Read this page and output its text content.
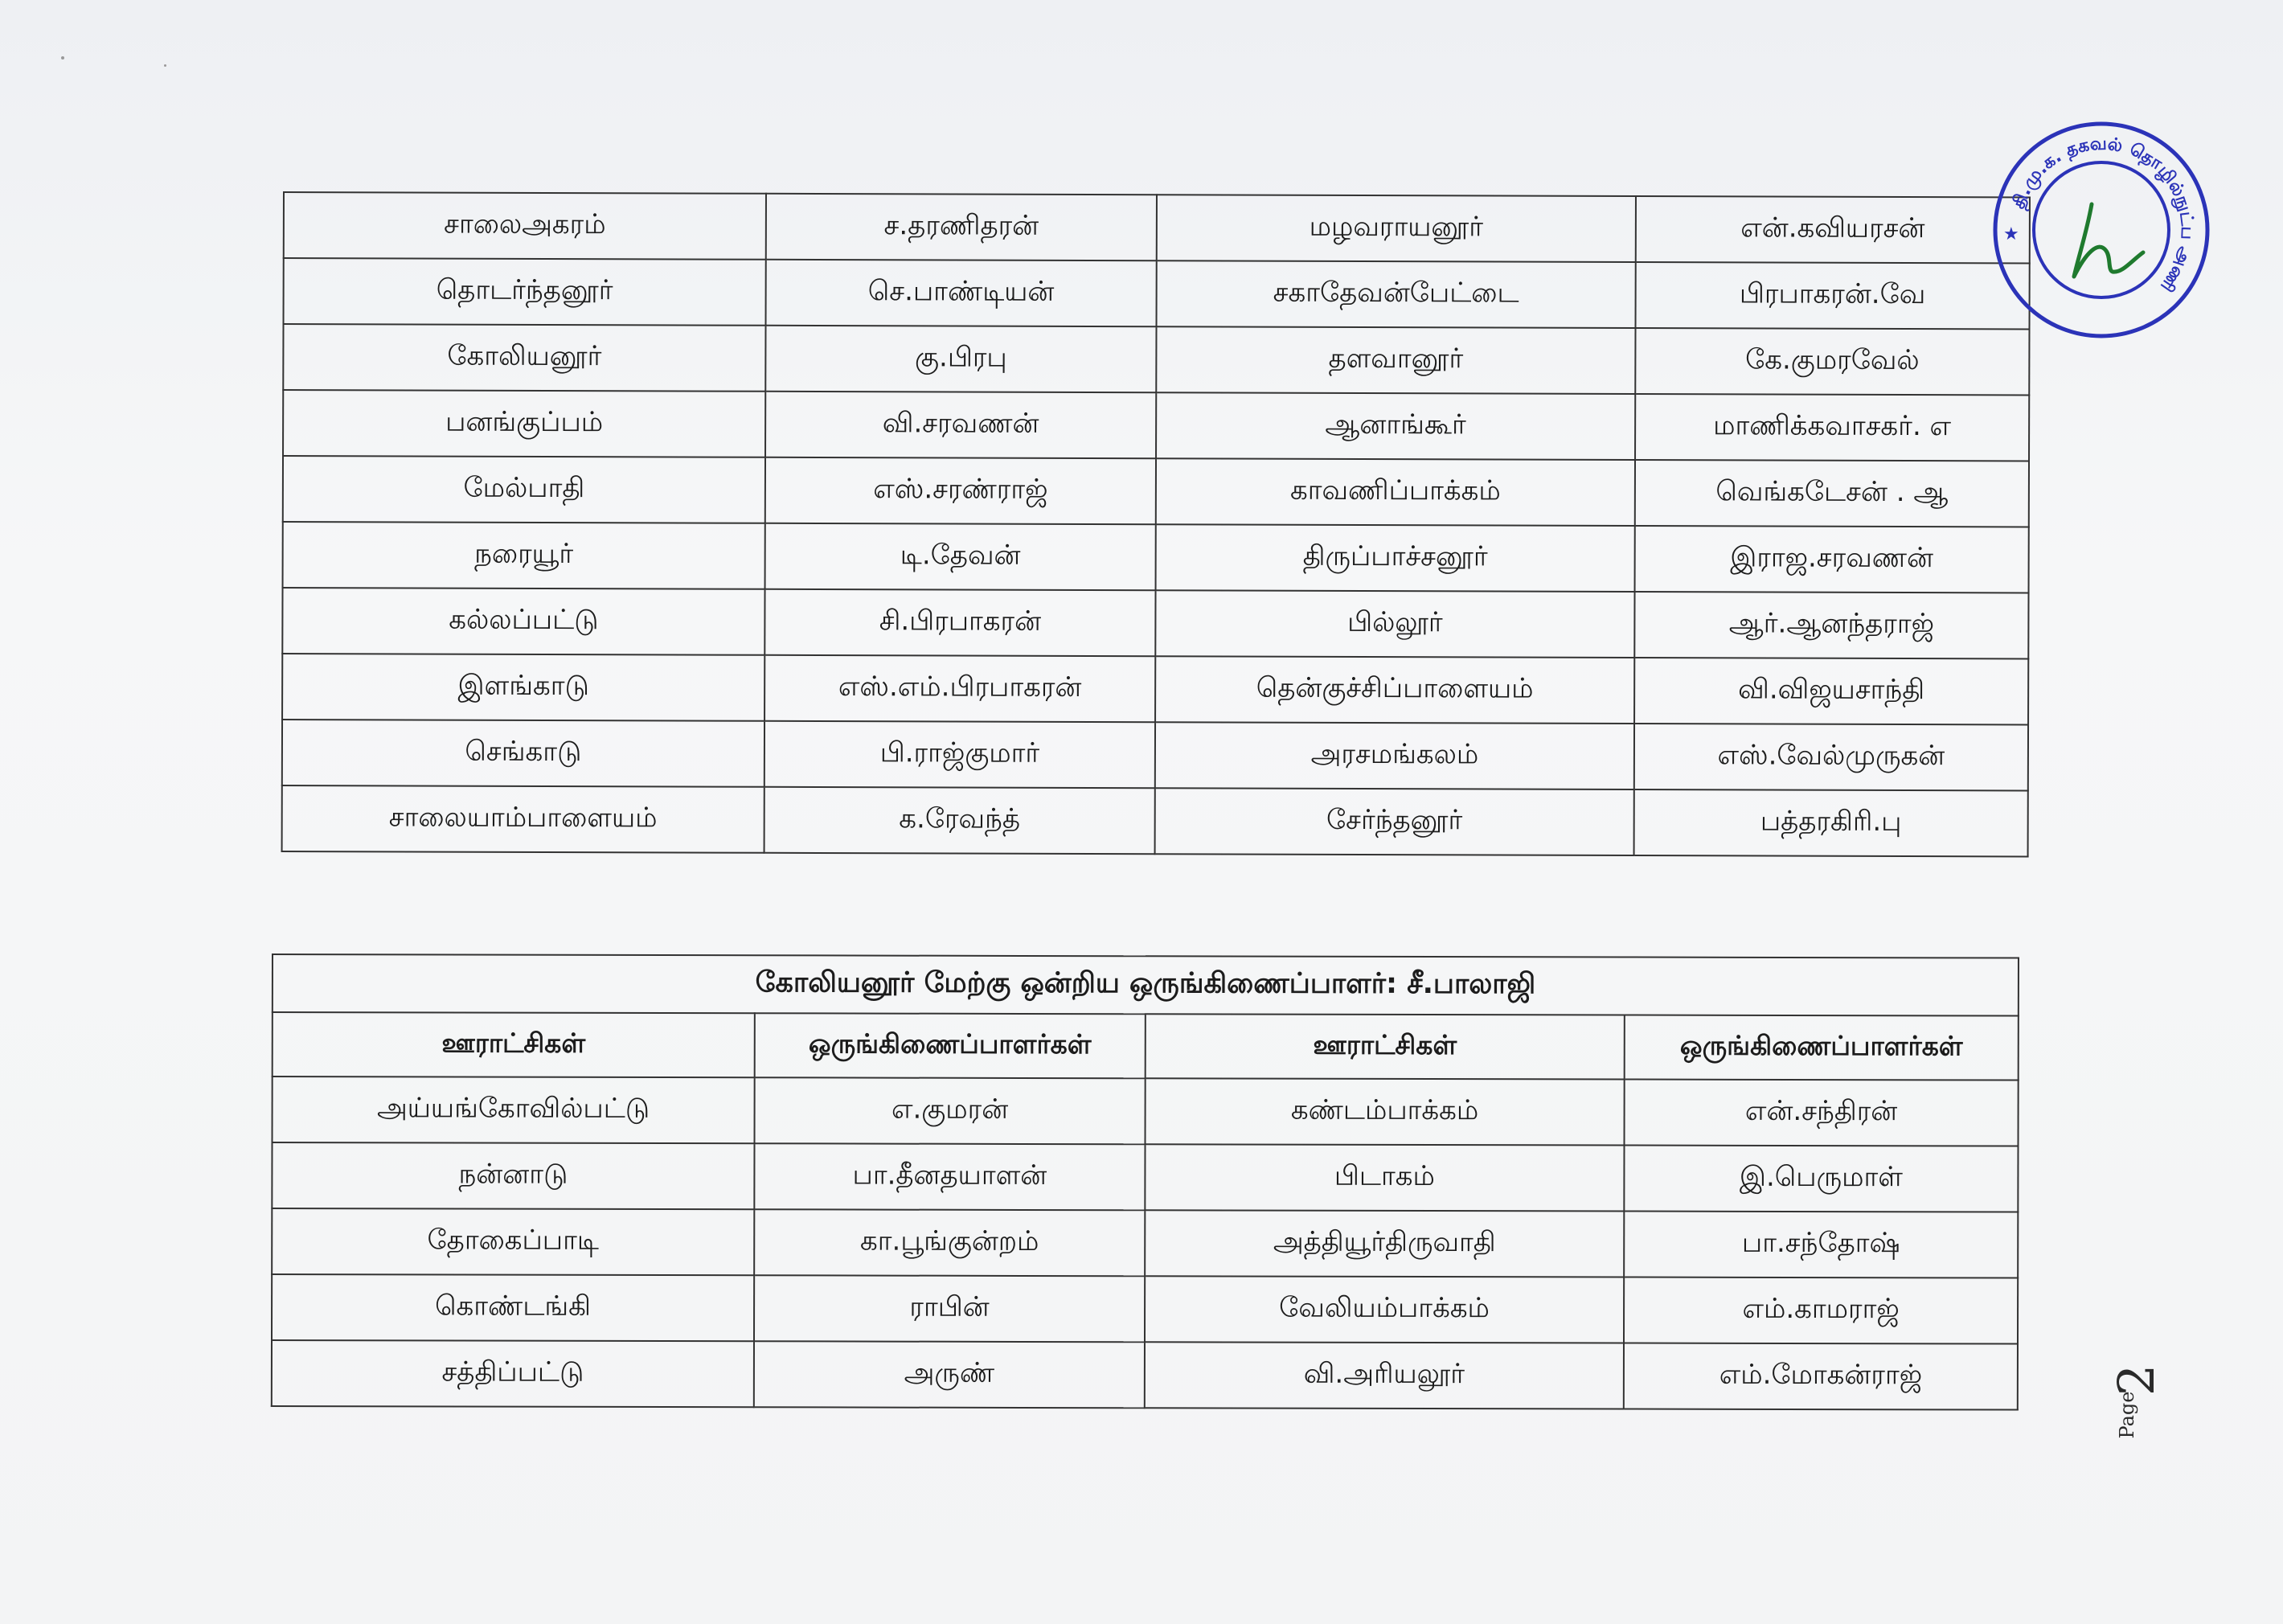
சாலைஅகரம்	ச.தரணிதரன்	மழவராயனூர்	என்.கவியரசன்
தொடர்ந்தனூர்	செ.பாண்டியன்	சகாதேவன்பேட்டை	பிரபாகரன்.வே
கோலியனூர்	கு.பிரபு	தளவானூர்	கே.குமரவேல்
பனங்குப்பம்	வி.சரவணன்	ஆனாங்கூர்	மாணிக்கவாசகர். எ
மேல்பாதி	எஸ்.சரண்ராஜ்	காவணிப்பாக்கம்	வெங்கடேசன் . ஆ
நரையூர்	டி.தேவன்	திருப்பாச்சனூர்	இராஜ.சரவணன்
கல்லப்பட்டு	சி.பிரபாகரன்	பில்லூர்	ஆர்.ஆனந்தராஜ்
இளங்காடு	எஸ்.எம்.பிரபாகரன்	தென்குச்சிப்பாளையம்	வி.விஜயசாந்தி
செங்காடு	பி.ராஜ்குமார்	அரசமங்கலம்	எஸ்.வேல்முருகன்
சாலையாம்பாளையம்	க.ரேவந்த்	சேர்ந்தனூர்	பத்தரகிரி.பு
கோலியனூர் மேற்கு ஒன்றிய ஒருங்கிணைப்பாளர்: சீ.பாலாஜி			
ஊராட்சிகள்	ஒருங்கிணைப்பாளர்கள்	ஊராட்சிகள்	ஒருங்கிணைப்பாளர்கள்
அய்யங்கோவில்பட்டு	எ.குமரன்	கண்டம்பாக்கம்	என்.சந்திரன்
நன்னாடு	பா.தீனதயாளன்	பிடாகம்	இ.பெருமாள்
தோகைப்பாடி	கா.பூங்குன்றம்	அத்தியூர்திருவாதி	பா.சந்தோஷ்
கொண்டங்கி	ராபின்	வேலியம்பாக்கம்	எம்.காமராஜ்
சத்திப்பட்டு	அருண்	வி.அரியலூர்	எம்.மோகன்ராஜ்
தி.மு.க. தகவல் தொழில்நுட்ப அணி
★
2
Page
